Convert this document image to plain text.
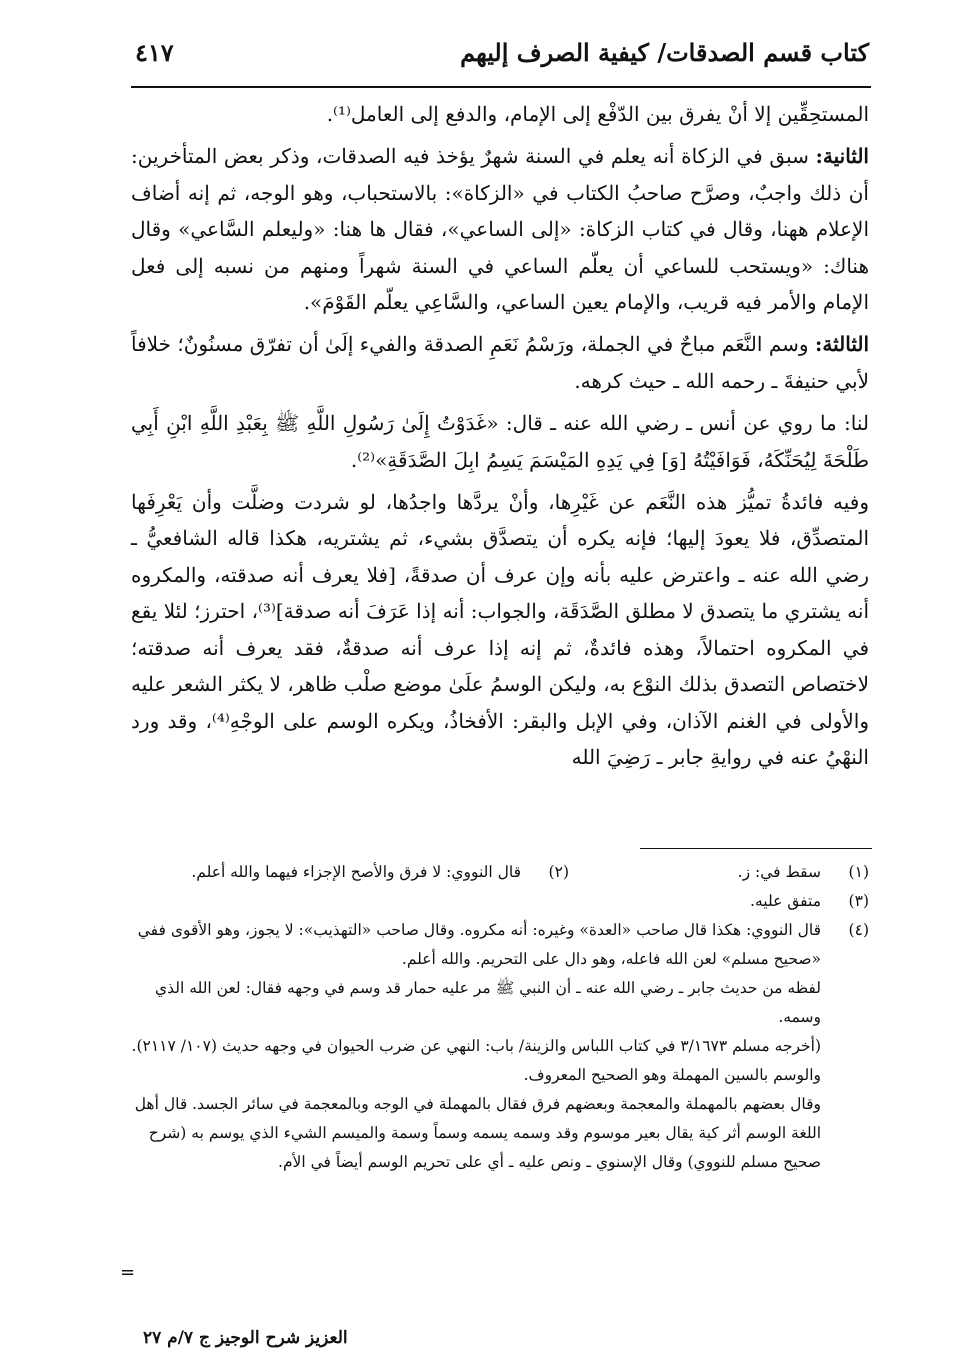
كتاب قسم الصدقات/ كيفية الصرف إليهم
٤١٧

المستحِقِّين إلا أنْ يفرق بين الدّفْع إلى الإمام، والدفع إلى العامل⁽¹⁾.

الثانية: سبق في الزكاة أنه يعلم في السنة شهرٌ يؤخذ فيه الصدقات، وذكر بعض المتأخرين: أن ذلك واجبٌ، وصرَّح صاحبُ الكتاب في «الزكاة»: بالاستحباب، وهو الوجه، ثم إنه أضاف الإعلام ههنا، وقال في كتاب الزكاة: «إلى الساعي»، فقال ها هنا: «وليعلم السَّاعي» وقال هناك: «ويستحب للساعي أن يعلّم الساعي في السنة شهراً ومنهم من نسبه إلى فعل الإمام والأمر فيه قريب، والإمام يعين الساعي، والسَّاعِي يعلّم القَوْمَ».

الثالثة: وسم النَّعَم مباحٌ في الجملة، ورَسْمُ نَعَمِ الصدقة والفيء إلَىٰ أن تفرّق مسنُونٌ؛ خلافاً لأبي حنيفةَ ـ رحمه الله ـ حيث كرهه.

لنا: ما روي عن أنس ـ رضي الله عنه ـ قال: «غَدَوْتُ إِلَىٰ رَسُولِ اللَّهِ ﷺ بِعَبْدِ اللَّهِ ابْنِ أَبِي طَلْحَةَ لِيُحَنِّكَهُ، فَوَافَيْتُهُ [وَ] فِي يَدِهِ المَيْسَمَ يَسِمُ ابِلَ الصَّدَقَةِ»⁽²⁾.

وفيه فائدةُ تميُّز هذه النَّعَم عن غَيْرِها، وأنْ يردَّها واجدُها، لو شردت وضلَّت وأن يَعْرِفَها المتصدِّق، فلا يعودَ إليها؛ فإنه يكره أن يتصدَّق بشيء، ثم يشتريه، هكذا قاله الشافعيُّ ـ رضي الله عنه ـ واعترض عليه بأنه وإن عرف أن صدقةً، [فلا يعرف أنه صدقته، والمكروه أنه يشتري ما يتصدق لا مطلق الصَّدَقَة، والجواب: أنه إذا عَرَفَ أنه صدقة]⁽³⁾، احترز؛ لئلا يقع في المكروه احتمالاً، وهذه فائدةٌ، ثم إنه إذا عرف أنه صدقةٌ، فقد يعرف أنه صدقته؛ لاختصاص التصدق بذلك النوْع به، وليكن الوسمُ علَىٰ موضع صلْب ظاهر، لا يكثر الشعر عليه والأولى في الغنم الآذان، وفي الإبل والبقر: الأفخاذُ، ويكره الوسم على الوجْهِ⁽⁴⁾، وقد ورد النهْيُ عنه في روايةِ جابر ـ رَضِيَ الله

(١)
سقط في: ز.
(٢)
قال النووي: لا فرق والأصح الإجزاء فيهما والله أعلم.
(٣)
متفق عليه.
(٤)
قال النووي: هكذا قال صاحب «العدة» وغيره: أنه مكروه. وقال صاحب «التهذيب»: لا يجوز، وهو الأقوى ففي «صحيح مسلم» لعن الله فاعله، وهو دال على التحريم. والله أعلم.
لفظه من حديث جابر ـ رضي الله عنه ـ أن النبي ﷺ مر عليه حمار قد وسم في وجهه فقال: لعن الله الذي وسمه.
(أخرجه مسلم ٣/١٦٧٣ في كتاب اللباس والزينة/ باب: النهي عن ضرب الحيوان في وجهه حديث (١٠٧/ ٢١١٧).
والوسم بالسين المهملة وهو الصحيح المعروف.
وقال بعضهم بالمهملة والمعجمة وبعضهم فرق فقال بالمهملة في الوجه وبالمعجمة في سائر الجسد. قال أهل اللغة الوسم أثر كية يقال بعير موسوم وقد وسمه يسمه وسماً وسمة والميسم الشيء الذي يوسم به (شرح صحيح مسلم للنووي) وقال الإسنوي ـ ونص عليه ـ أي على تحريم الوسم أيضاً في الأم.
=
العزيز شرح الوجيز ج ٧/م ٢٧
